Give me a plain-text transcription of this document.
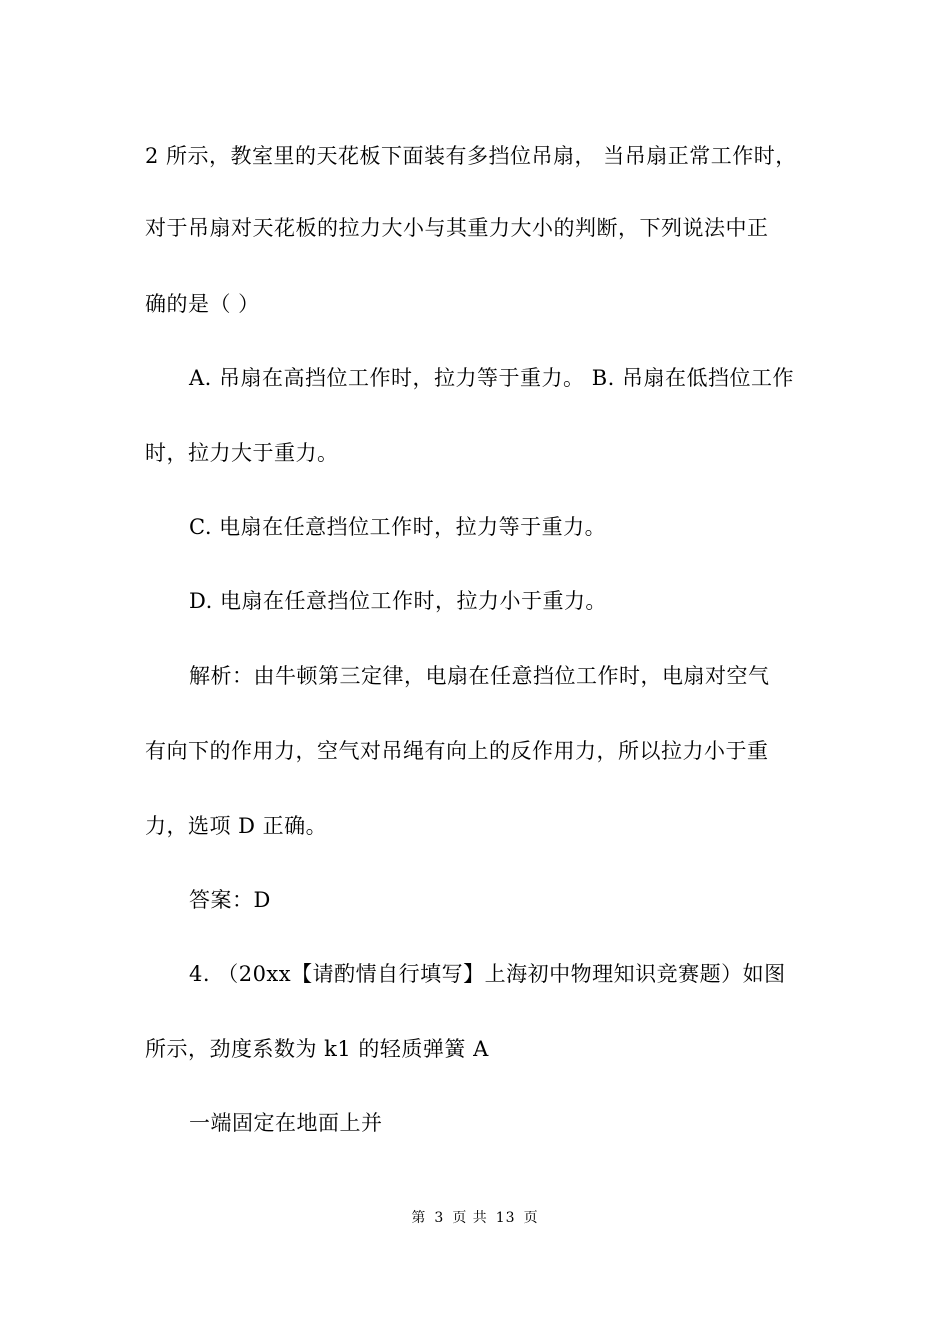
2 所示，教室里的天花板下面装有多挡位吊扇， 当吊扇正常工作时，
对于吊扇对天花板的拉力大小与其重力大小的判断，下列说法中正
确的是（ ）
A. 吊扇在高挡位工作时，拉力等于重力。 B. 吊扇在低挡位工作
时，拉力大于重力。
C. 电扇在任意挡位工作时，拉力等于重力。
D. 电扇在任意挡位工作时，拉力小于重力。
解析：由牛顿第三定律，电扇在任意挡位工作时，电扇对空气
有向下的作用力，空气对吊绳有向上的反作用力，所以拉力小于重
力，选项 D 正确。
答案：D
4. （20xx【请酌情自行填写】上海初中物理知识竞赛题）如图
所示，劲度系数为 k1 的轻质弹簧 A
一端固定在地面上并
第 3 页 共 13 页
